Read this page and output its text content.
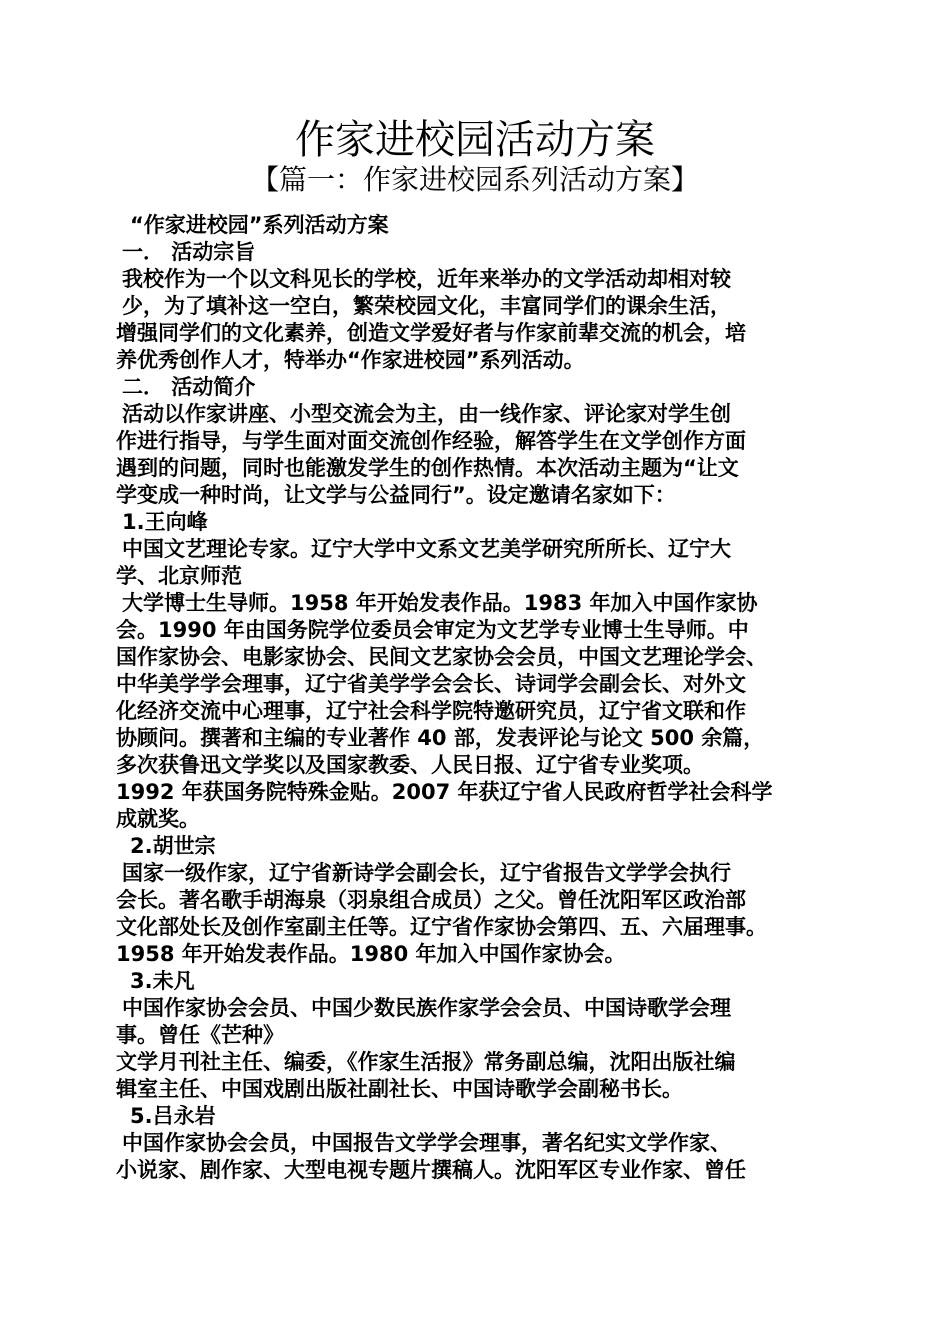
作家进校园活动方案
【篇一：作家进校园系列活动方案】
“作家进校园”系列活动方案
一． 活动宗旨
我校作为一个以文科见长的学校，近年来举办的文学活动却相对较
少，为了填补这一空白，繁荣校园文化，丰富同学们的课余生活，
增强同学们的文化素养，创造文学爱好者与作家前辈交流的机会，培
养优秀创作人才，特举办“作家进校园”系列活动。
二． 活动简介
活动以作家讲座、小型交流会为主，由一线作家、评论家对学生创
作进行指导，与学生面对面交流创作经验，解答学生在文学创作方面
遇到的问题，同时也能激发学生的创作热情。本次活动主题为“让文
学变成一种时尚，让文学与公益同行”。设定邀请名家如下：
1.王向峰
中国文艺理论专家。辽宁大学中文系文艺美学研究所所长、辽宁大
学、北京师范
大学博士生导师。1958 年开始发表作品。1983 年加入中国作家协
会。1990 年由国务院学位委员会审定为文艺学专业博士生导师。中
国作家协会、电影家协会、民间文艺家协会会员，中国文艺理论学会、
中华美学学会理事，辽宁省美学学会会长、诗词学会副会长、对外文
化经济交流中心理事，辽宁社会科学院特邀研究员，辽宁省文联和作
协顾问。撰著和主编的专业著作 40 部，发表评论与论文 500 余篇，
多次获鲁迅文学奖以及国家教委、人民日报、辽宁省专业奖项。
1992 年获国务院特殊金贴。2007 年获辽宁省人民政府哲学社会科学
成就奖。
2.胡世宗
国家一级作家，辽宁省新诗学会副会长，辽宁省报告文学学会执行
会长。著名歌手胡海泉（羽泉组合成员）之父。曾任沈阳军区政治部
文化部处长及创作室副主任等。辽宁省作家协会第四、五、六届理事。
1958 年开始发表作品。1980 年加入中国作家协会。
3.未凡
中国作家协会会员、中国少数民族作家学会会员、中国诗歌学会理
事。曾任《芒种》
文学月刊社主任、编委，《作家生活报》常务副总编，沈阳出版社编
辑室主任、中国戏剧出版社副社长、中国诗歌学会副秘书长。
5.吕永岩
中国作家协会会员，中国报告文学学会理事，著名纪实文学作家、
小说家、剧作家、大型电视专题片撰稿人。沈阳军区专业作家、曾任
